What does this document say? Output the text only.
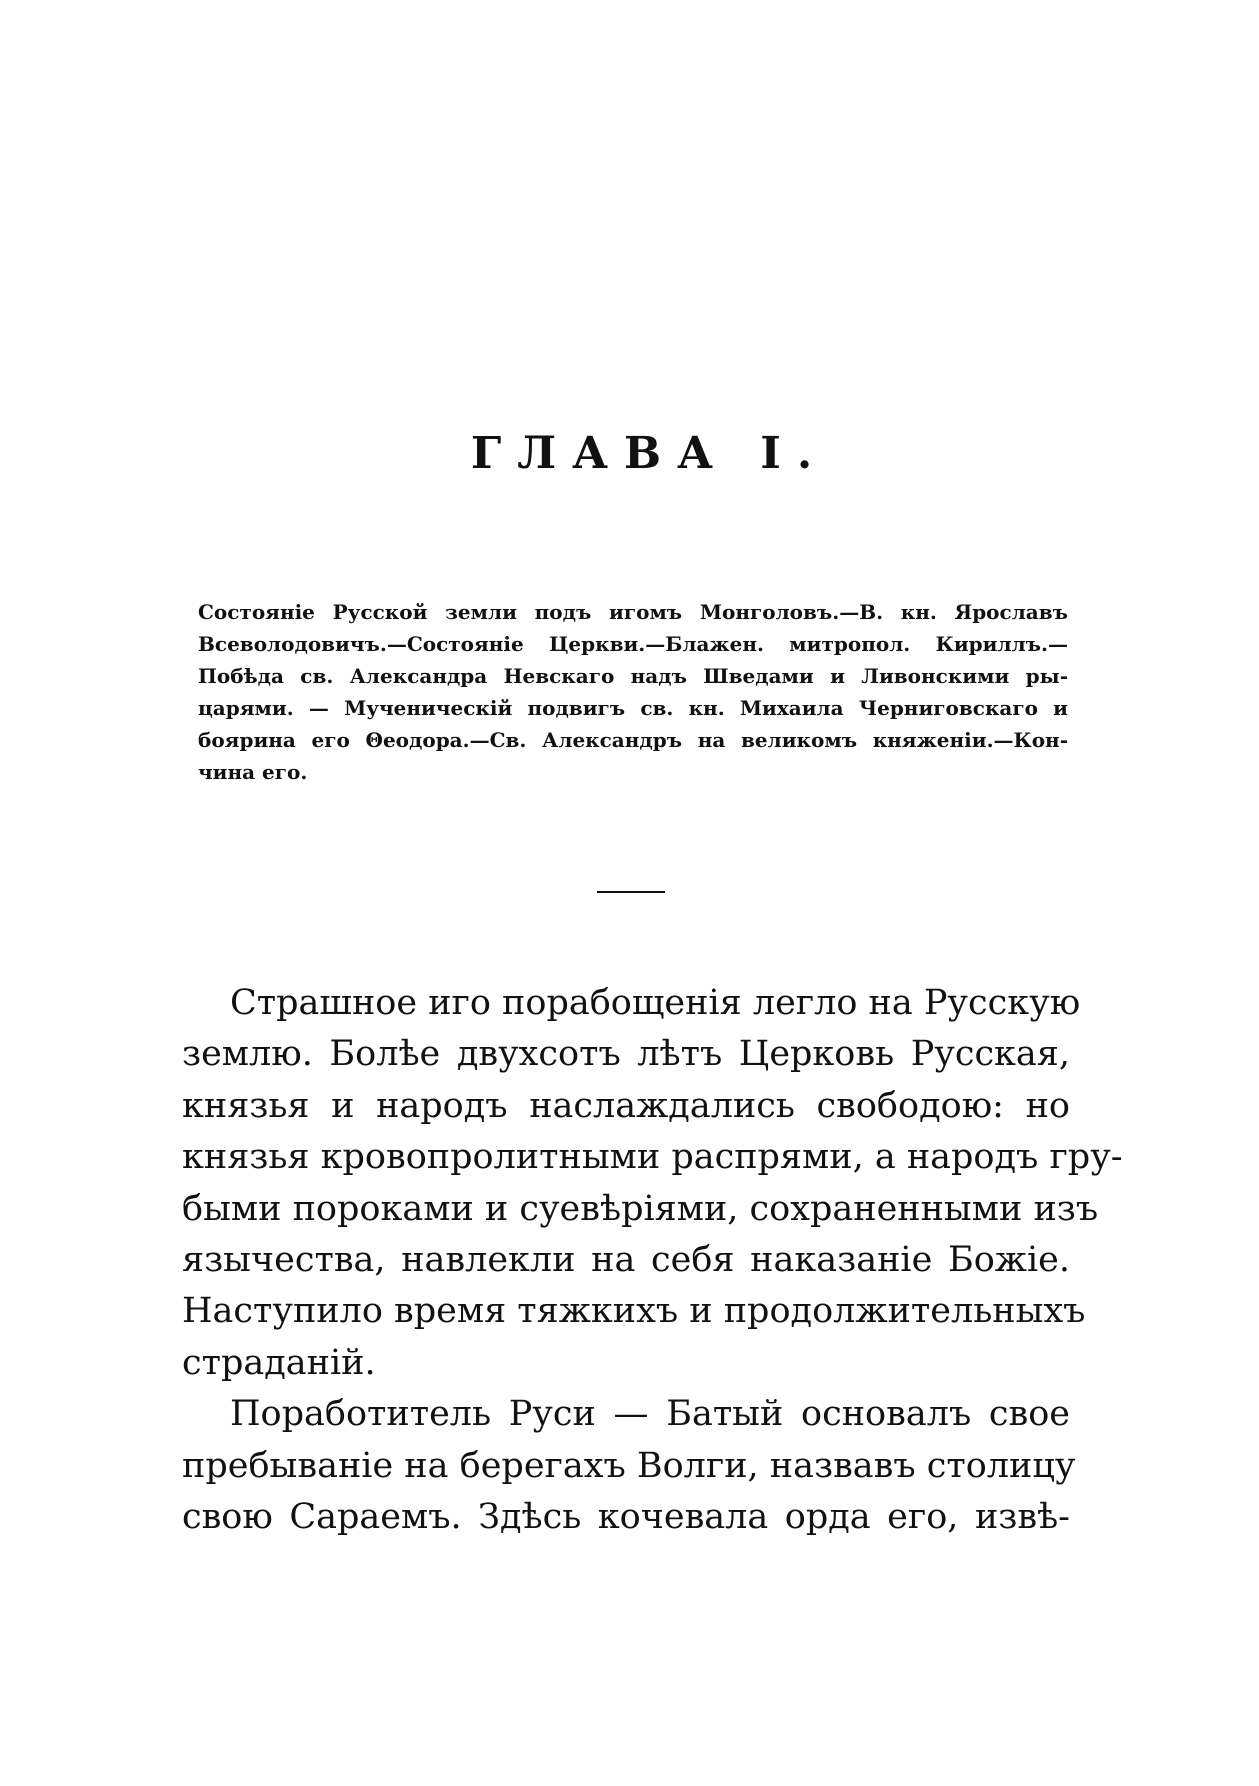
ГЛАВА I.
Состояніе Русской земли подъ игомъ Монголовъ.—В. кн. Ярославъ
Всеволодовичъ.—Состояніе Церкви.—Блажен. митропол. Кириллъ.—
Побѣда св. Александра Невскаго надъ Шведами и Ливонскими ры-
царями. — Мученическій подвигъ св. кн. Михаила Черниговскаго и
боярина его Θеодора.—Св. Александръ на великомъ княженіи.—Кон-
чина его.
Страшное иго порабощенія легло на Русскую
землю. Болѣе двухсотъ лѣтъ Церковь Русская,
князья и народъ наслаждались свободою: но
князья кровопролитными распрями, а народъ гру-
быми пороками и суевѣріями, сохраненными изъ
язычества, навлекли на себя наказаніе Божіе.
Наступило время тяжкихъ и продолжительныхъ
страданій.
Поработитель Руси — Батый основалъ свое
пребываніе на берегахъ Волги, назвавъ столицу
свою Сараемъ. Здѣсь кочевала орда его, извѣ-
